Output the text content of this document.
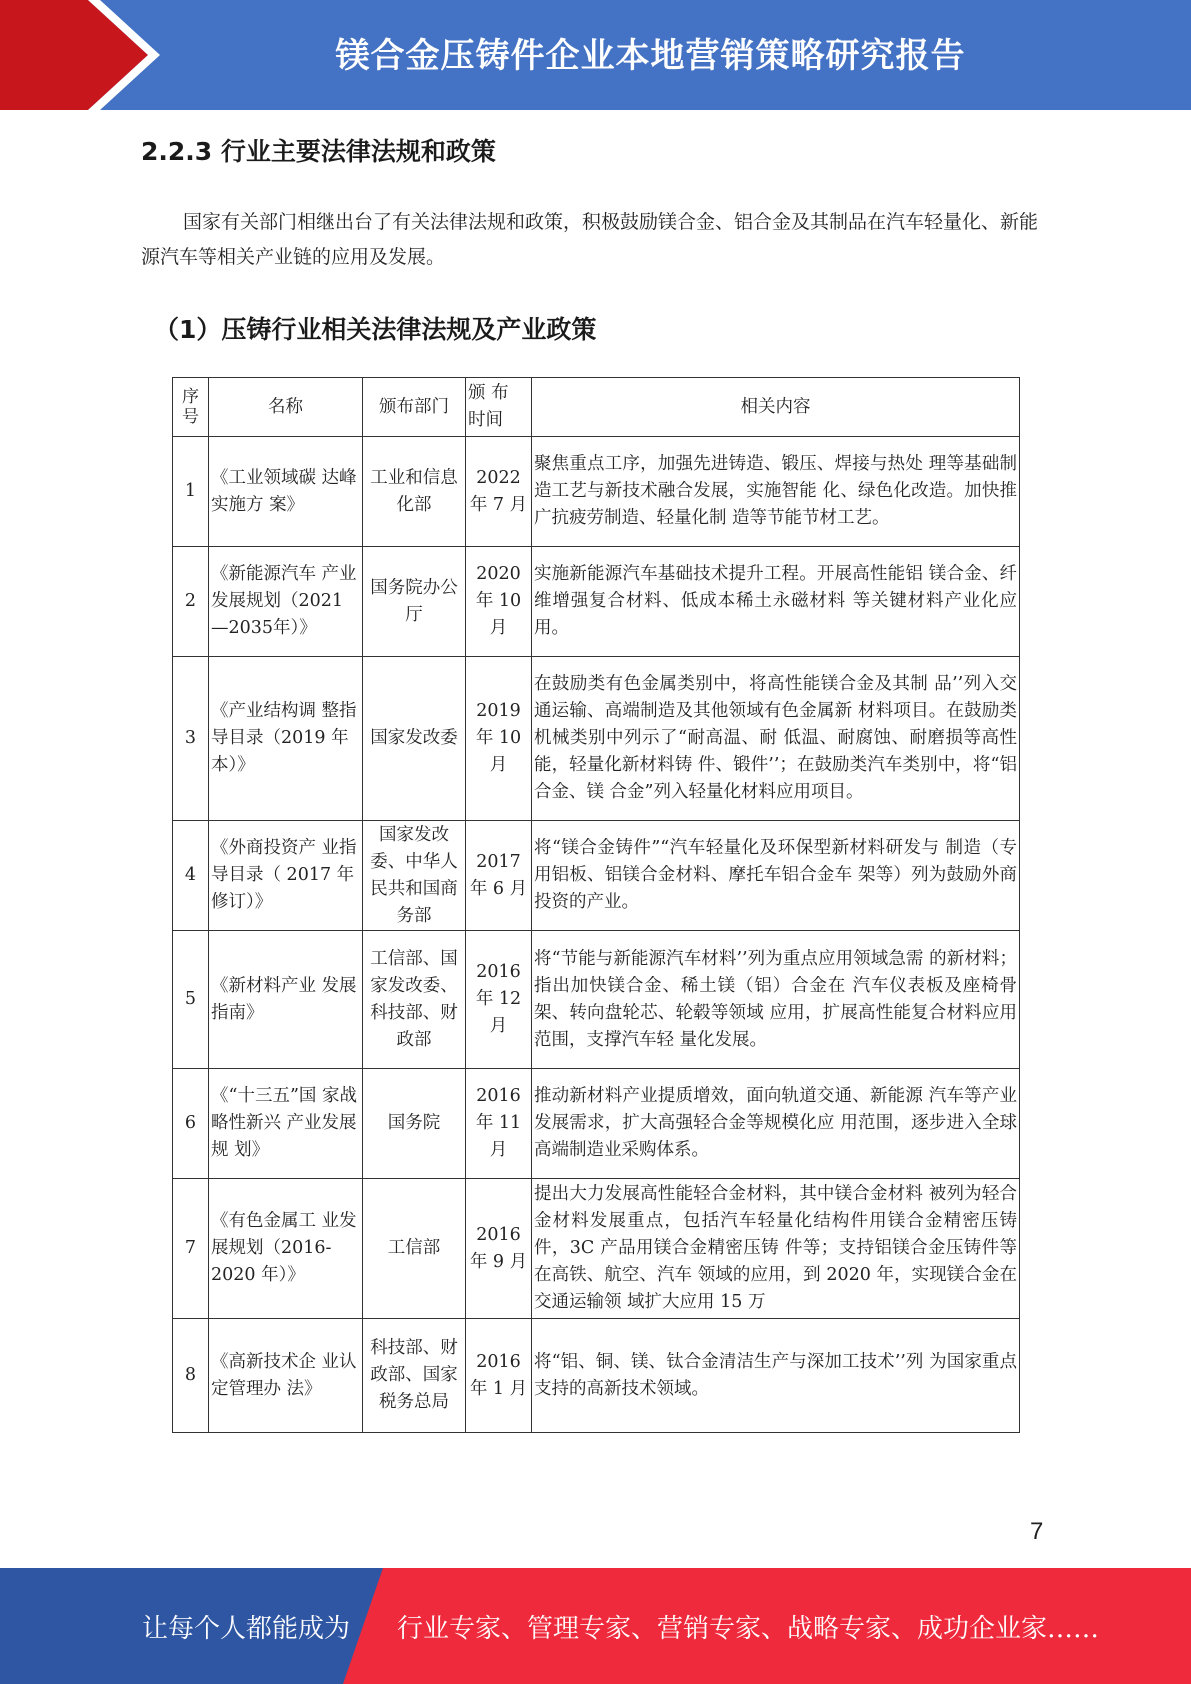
镁合金压铸件企业本地营销策略研究报告
2.2.3 行业主要法律法规和政策
国家有关部门相继出台了有关法律法规和政策，积极鼓励镁合金、铝合金及其制品在汽车轻量化、新能源汽车等相关产业链的应用及发展。
（1）压铸行业相关法律法规及产业政策
序号	名称	颁布部门	颁 布 时间	相关内容
1	《工业领域碳 达峰实施方 案》	工业和信息化部	2022 年 7 月	聚焦重点工序，加强先进铸造、锻压、焊接与热处 理等基础制造工艺与新技术融合发展，实施智能 化、绿色化改造。加快推广抗疲劳制造、轻量化制 造等节能节材工艺。
2	《新能源汽车 产业发展规划（2021—2035年）》	国务院办公厅	2020 年 10 月	实施新能源汽车基础技术提升工程。开展高性能铝 镁合金、纤维增强复合材料、低成本稀土永磁材料 等关键材料产业化应用。
3	《产业结构调 整指导目录（2019 年 本）》	国家发改委	2019 年 10 月	在鼓励类有色金属类别中，将高性能镁合金及其制 品’’列入交通运输、高端制造及其他领域有色金属新 材料项目。在鼓励类机械类别中列示了“耐高温、耐 低温、耐腐蚀、耐磨损等高性能，轻量化新材料铸 件、锻件’’；在鼓励类汽车类别中，将“铝合金、镁 合金”列入轻量化材料应用项目。
4	《外商投资产 业指导目录（ 2017 年 修订）》	国家发改委、中华人民共和国商务部	2017 年 6 月	将“镁合金铸件”“汽车轻量化及环保型新材料研发与 制造（专用铝板、铝镁合金材料、摩托车铝合金车 架等）列为鼓励外商投资的产业。
5	《新材料产业 发展指南》	工信部、国家发改委、科技部、财政部	2016 年 12 月	将“节能与新能源汽车材料’’列为重点应用领域急需 的新材料；指出加快镁合金、稀土镁（铝）合金在 汽车仪表板及座椅骨架、转向盘轮芯、轮毂等领域 应用，扩展高性能复合材料应用范围，支撑汽车轻 量化发展。
6	《“十三五”国 家战略性新兴 产业发展规 划》	国务院	2016 年 11 月	推动新材料产业提质增效，面向轨道交通、新能源 汽车等产业发展需求，扩大高强轻合金等规模化应 用范围，逐步进入全球高端制造业采购体系。
7	《有色金属工 业发展规划（2016-2020 年）》	工信部	2016 年 9 月	提出大力发展高性能轻合金材料，其中镁合金材料 被列为轻合金材料发展重点，包括汽车轻量化结构件用镁合金精密压铸件，3C 产品用镁合金精密压铸 件等；支持铝镁合金压铸件等在高铁、航空、汽车 领域的应用，到 2020 年，实现镁合金在交通运输领 域扩大应用 15 万
8	《高新技术企 业认定管理办 法》	科技部、财政部、国家税务总局	2016 年 1 月	将“铝、铜、镁、钛合金清洁生产与深加工技术’’列 为国家重点支持的高新技术领域。
7
让每个人都能成为 行业专家、管理专家、营销专家、战略专家、成功企业家……
